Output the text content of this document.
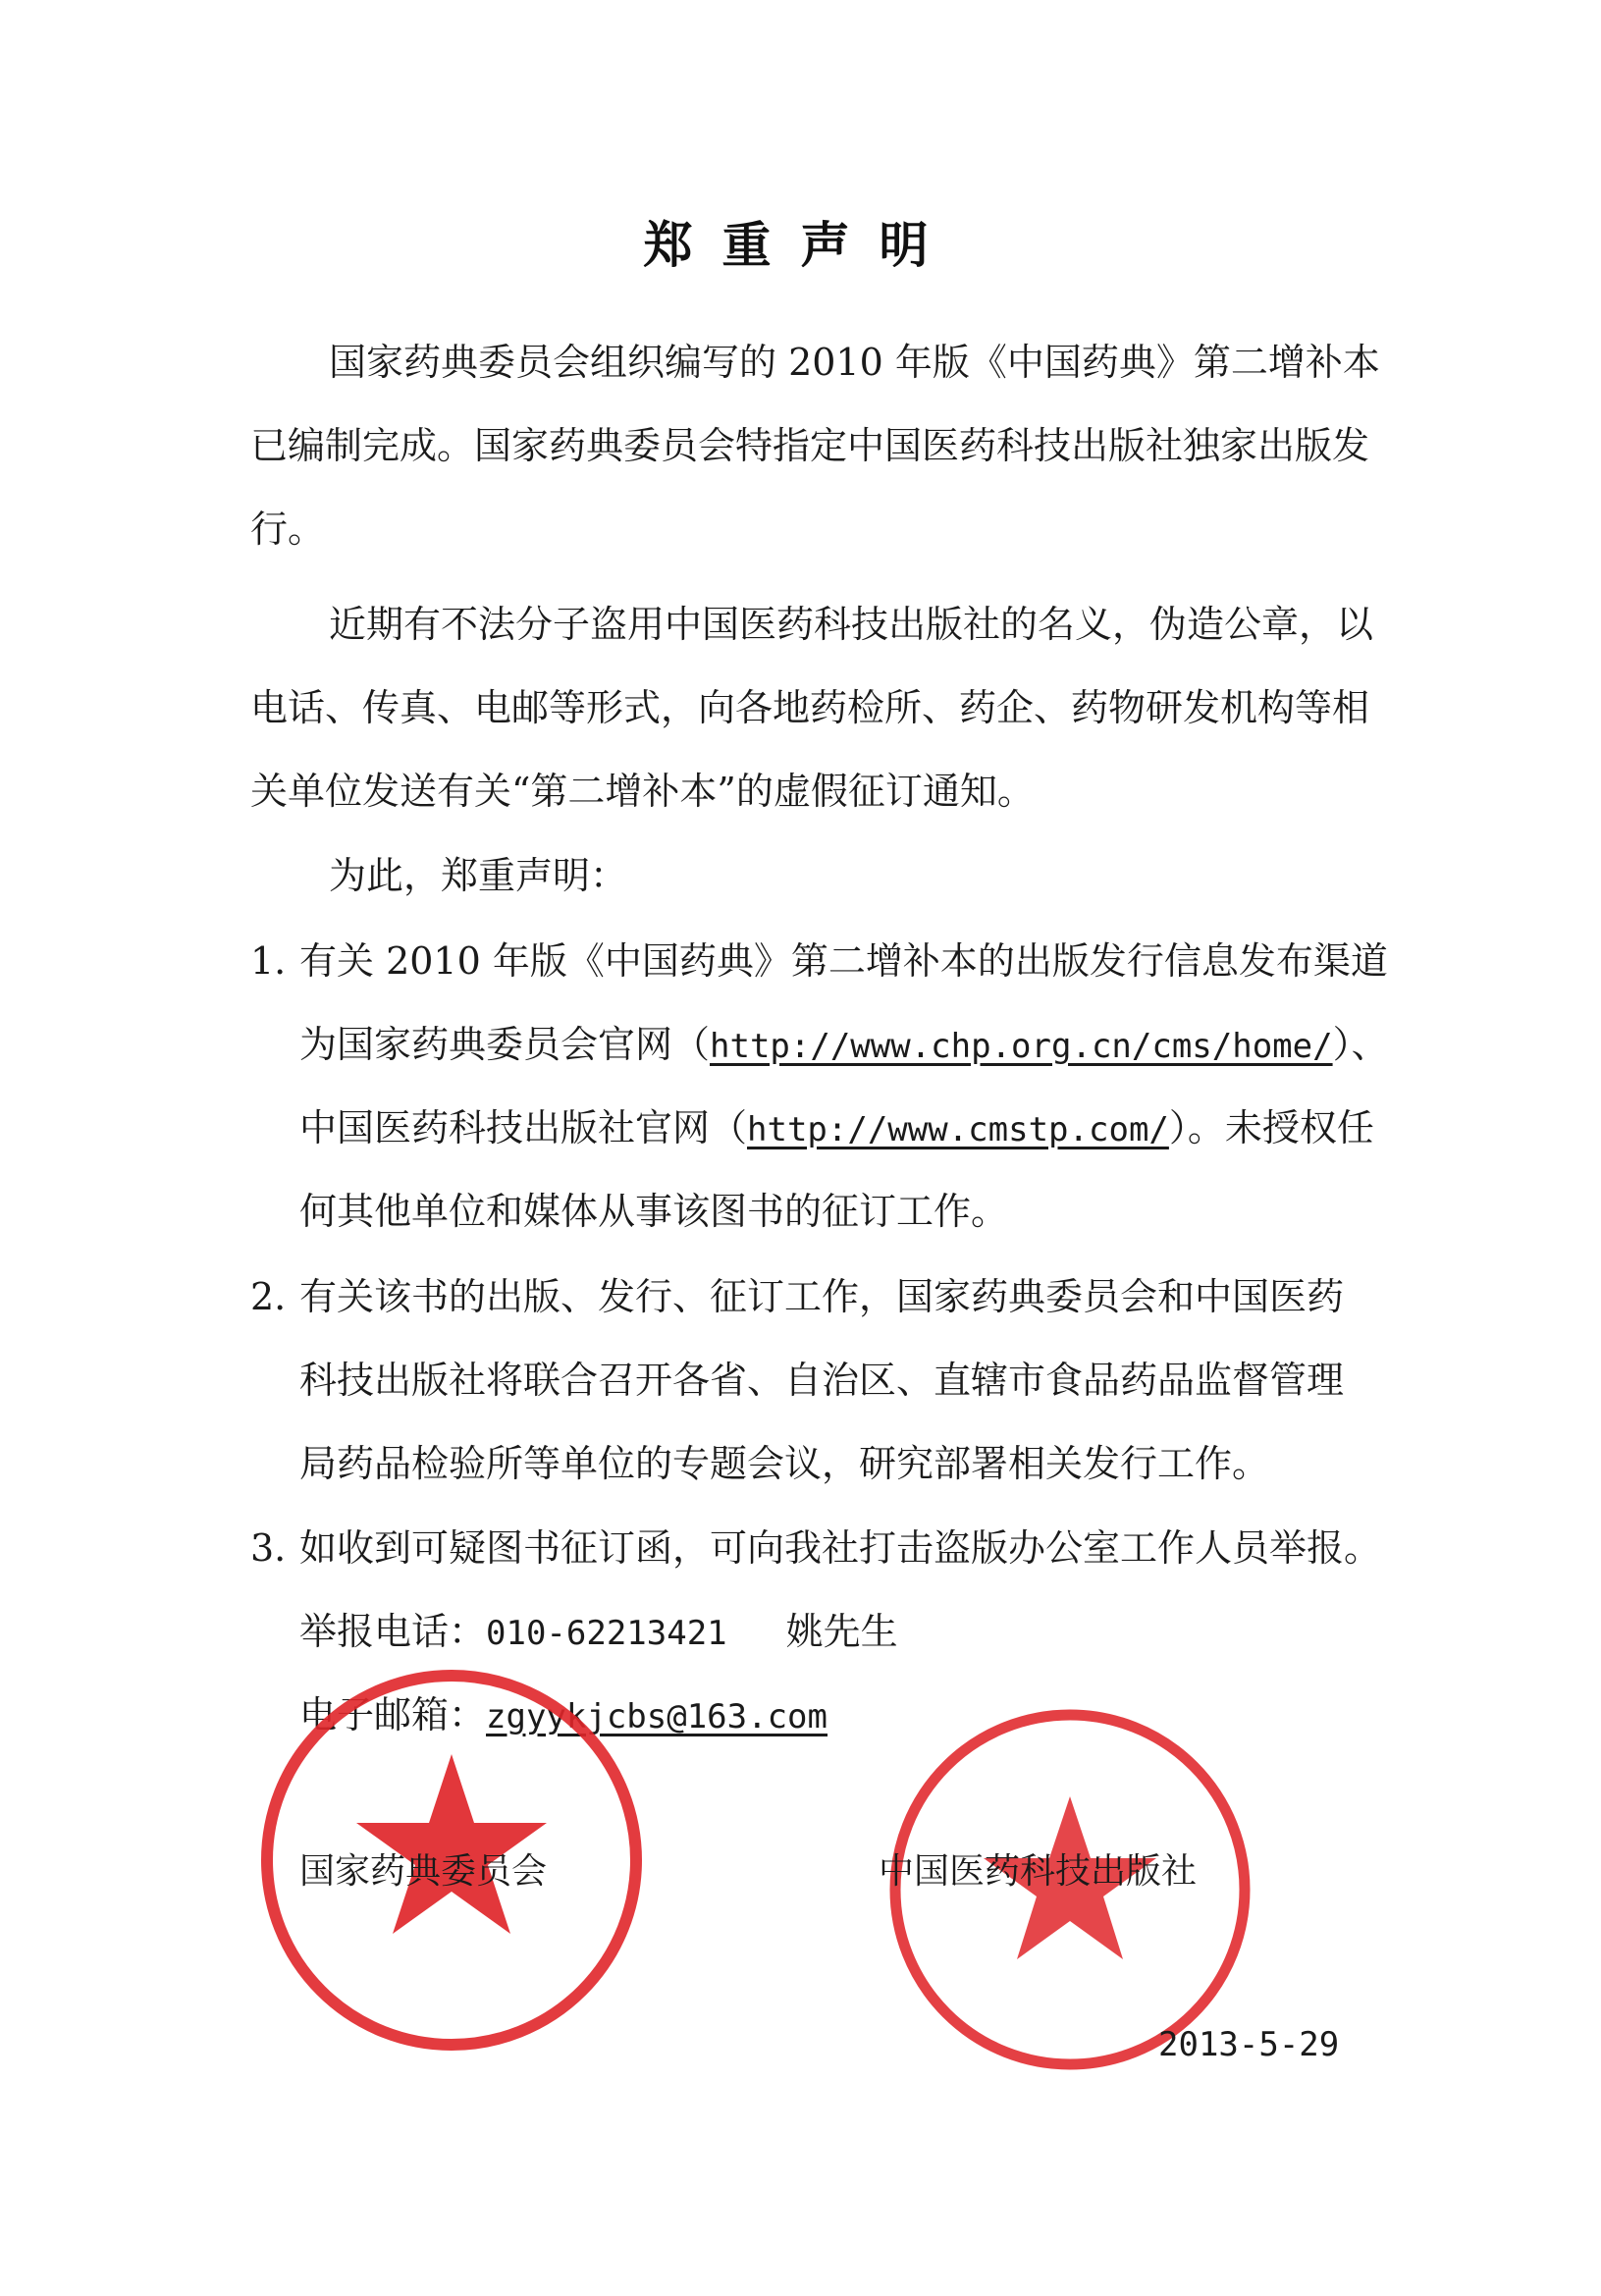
郑重声明
国家药典委员会组织编写的 2010 年版《中国药典》第二增补本
已编制完成。国家药典委员会特指定中国医药科技出版社独家出版发
行。
近期有不法分子盗用中国医药科技出版社的名义，伪造公章，以
电话、传真、电邮等形式，向各地药检所、药企、药物研发机构等相
关单位发送有关“第二增补本”的虚假征订通知。
为此，郑重声明：
1. 有关 2010 年版《中国药典》第二增补本的出版发行信息发布渠道
为国家药典委员会官网（http://www.chp.org.cn/cms/home/）、
中国医药科技出版社官网（http://www.cmstp.com/）。未授权任
何其他单位和媒体从事该图书的征订工作。
2. 有关该书的出版、发行、征订工作，国家药典委员会和中国医药
科技出版社将联合召开各省、自治区、直辖市食品药品监督管理
局药品检验所等单位的专题会议，研究部署相关发行工作。
3. 如收到可疑图书征订函，可向我社打击盗版办公室工作人员举报。
举报电话：010-62213421 姚先生
电子邮箱：zgyykjcbs@163.com
国家药典委员会	中国医药科技出版社
2013-5-29
